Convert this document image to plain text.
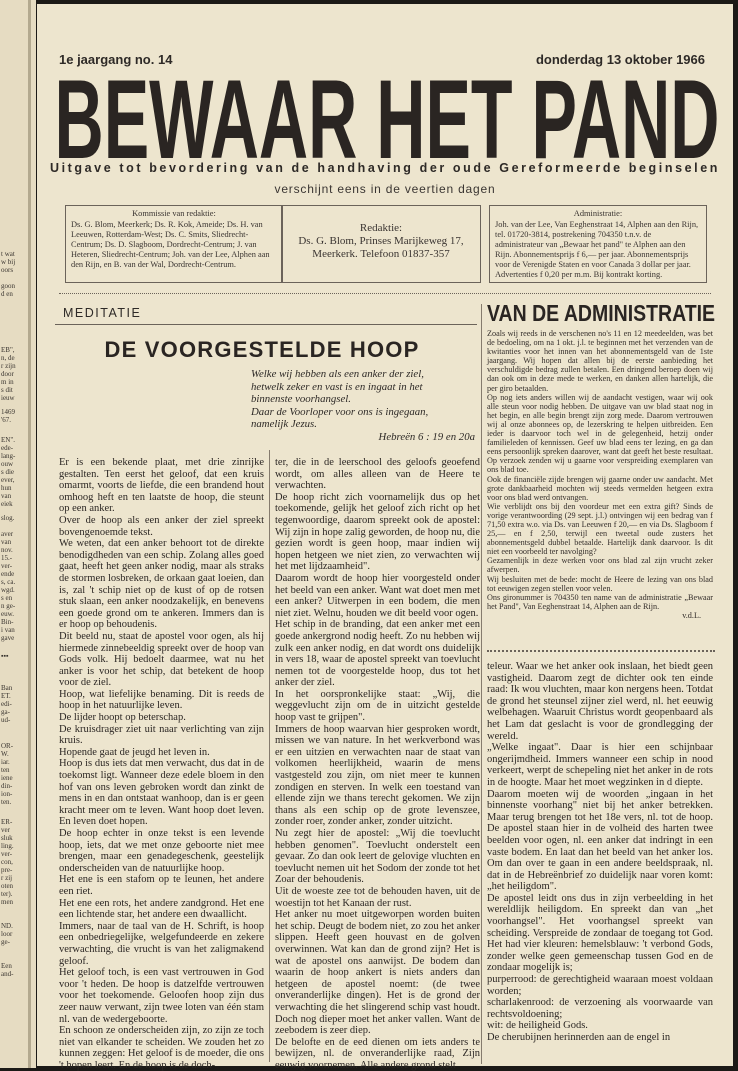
t wat
w bij
oors
goon
d en
EB",
n, de
r zijn
door
m in
s dit
ieuw
1469
'67.
EN".
ede-
lang-
ouw
s die
ever,
hun
van
eiek
slog.
aver
van
nov.
15.-
ver-
ende
s, ca.
wgd.
s en
n ge-
euw.
Bin-
i van
gave
▪▪▪
Ban
ET.
edi-
ga-
ud-
OR-
W.
iar.
ten
iene
din-
ion-
ten.
ER-
ver
sluk
ling.
ver-
con,
pre-
r zij
oten
ter).
men
ND.
loor
ge-
Een
and-
1e jaargang no. 14	donderdag 13 oktober 1966
BEWAAR HET PAND
Uitgave tot bevordering van de handhaving der oude Gereformeerde beginselen
verschijnt eens in de veertien dagen
Kommissie van redaktie:
Ds. G. Blom, Meerkerk; Ds. R. Kok, Ameide; Ds. H. van Leeuwen, Rotterdam-West; Ds. C. Smits, Sliedrecht-Centrum; Ds. D. Slagboom, Dordrecht-Centrum; J. van Heteren, Sliedrecht-Centrum; Joh. van der Lee, Alphen aan den Rijn, en B. van der Wal, Dordrecht-Centrum.
Redaktie:
Ds. G. Blom, Prinses Marijkeweg 17,
Meerkerk. Telefoon 01837-357
Administratie:
Joh. van der Lee, Van Eeghenstraat 14, Alphen aan den Rijn, tel. 01720-3814, postrekening 704350 t.n.v. de administrateur van „Bewaar het pand" te Alphen aan den Rijn. Abonnementsprijs f 6,— per jaar. Abonnementsprijs voor de Verenigde Staten en voor Canada 3 dollar per jaar. Advertenties f 0,20 per m.m. Bij kontrakt korting.
MEDITATIE
DE VOORGESTELDE HOOP
Welke wij hebben als een anker der ziel,
hetwelk zeker en vast is en ingaat in het
binnenste voorhangsel.
Daar de Voorloper voor ons is ingegaan,
namelijk Jezus.
Hebreën 6 : 19 en 20a

Er is een bekende plaat, met drie zinrijke gestalten. Ten eerst het geloof, dat een kruis omarmt, voorts de liefde, die een brandend hout omhoog heft en ten laatste de hoop, die steunt op een anker.

Over de hoop als een anker der ziel spreekt bovengenoemde tekst.

We weten, dat een anker behoort tot de direkte benodigdheden van een schip. Zolang alles goed gaat, heeft het geen anker nodig, maar als straks de stormen losbreken, de orkaan gaat loeien, dan is, zal 't schip niet op de kust of op de rotsen stuk slaan, een anker noodzakelijk, en benevens een goede grond om te ankeren. Immers dan is er hoop op behoudenis.

Dit beeld nu, staat de apostel voor ogen, als hij hiermede zinnebeeldig spreekt over de hoop van Gods volk. Hij bedoelt daarmee, wat nu het anker is voor het schip, dat betekent de hoop voor de ziel.

Hoop, wat liefelijke benaming. Dit is reeds de hoop in het natuurlijke leven.

De lijder hoopt op beterschap.

De kruisdrager ziet uit naar verlichting van zijn kruis.

Hopende gaat de jeugd het leven in.

Hoop is dus iets dat men verwacht, dus dat in de toekomst ligt. Wanneer deze edele bloem in den hof van ons leven gebroken wordt dan zinkt de mens in en dan ontstaat wanhoop, dan is er geen kracht meer om te leven. Want hoop doet leven. En leven doet hopen.

De hoop echter in onze tekst is een levende hoop, iets, dat we met onze geboorte niet mee brengen, maar een genadegeschenk, geestelijk onderscheiden van de natuurlijke hoop.

Het ene is een stafom op te leunen, het andere een riet.

Het ene een rots, het andere zandgrond. Het ene een lichtende star, het andere een dwaallicht.

Immers, naar de taal van de H. Schrift, is hoop een onbedriegelijke, welgefundeerde en zekere verwachting, die vrucht is van het zaligmakend geloof.

Het geloof toch, is een vast vertrouwen in God voor 't heden. De hoop is datzelfde vertrouwen voor het toekomende. Geloofen hoop zijn dus zeer nauw verwant, zijn twee loten van één stam nl. van de wedergeboorte.

En schoon ze onderscheiden zijn, zo zijn ze toch niet van elkander te scheiden. We zouden het zo kunnen zeggen: Het geloof is de moeder, die ons 't hopen leert. En de hoop is de doch-

ter, die in de leerschool des geloofs geoefend wordt, om alles alleen van de Heere te verwachten.

De hoop richt zich voornamelijk dus op het toekomende, gelijk het geloof zich richt op het tegenwoordige, daarom spreekt ook de apostel: Wij zijn in hope zalig geworden, de hoop nu, die gezien wordt is geen hoop, maar indien wij hopen hetgeen we niet zien, zo verwachten wij het met lijdzaamheid".

Daarom wordt de hoop hier voorgesteld onder het beeld van een anker. Want wat doet men met een anker? Uitwerpen in een bodem, die men niet ziet. Welnu, houden we dit beeld voor ogen.

Het schip in de branding, dat een anker met een goede ankergrond nodig heeft. Zo nu hebben wij zulk een anker nodig, en dat wordt ons duidelijk in vers 18, waar de apostel spreekt van toevlucht nemen tot de voorgestelde hoop, dus tot het anker der ziel.

In het oorspronkelijke staat: „Wij, die weggevlucht zijn om de in uitzicht gestelde hoop vast te grijpen".

Immers de hoop waarvan hier gesproken wordt, missen we van nature. In het werkverbond was er een uitzien en verwachten naar de staat van volkomen heerlijkheid, waarin de mens vastgesteld zou zijn, om niet meer te kunnen zondigen en sterven. In welk een toestand van ellende zijn we thans terecht gekomen. We zijn thans als een schip op de grote levenszee, zonder roer, zonder anker, zonder uitzicht.

Nu zegt hier de apostel: „Wij die toevlucht hebben genomen". Toevlucht onderstelt een gevaar. Zo dan ook leert de gelovige vluchten en toevlucht nemen uit het Sodom der zonde tot het Zoar der behoudenis.

Uit de woeste zee tot de behouden haven, uit de woestijn tot het Kanaan der rust.

Het anker nu moet uitgeworpen worden buiten het schip. Deugt de bodem niet, zo zou het anker slippen. Heeft geen houvast en de golven overwinnen. Wat kan dan de grond zijn? Het is wat de apostel ons aanwijst. De bodem dan waarin de hoop ankert is niets anders dan hetgeen de apostel noemt: (de twee onveranderlijke dingen). Het is de grond der verwachting die het slingerend schip vast houdt. Doch nog dieper moet het anker vallen. Want de zeebodem is zeer diep.

De belofte en de eed dienen om iets anders te bewijzen, nl. de onveranderlijke raad, Zijn eeuwig voornemen. Alle andere grond stelt

VAN DE ADMINISTRATIE

Zoals wij reeds in de verschenen no's 11 en 12 meedeelden, was bet de bedoeling, om na 1 okt. j.l. te beginnen met het verzenden van de kwitanties voor het innen van het abonnementsgeld van de 1ste jaargang. Wij hopen dat allen bij de eerste aanbieding het verschuldigde bedrag zullen betalen. Een dringend beroep doen wij dan ook om in deze mede te werken, en danken allen hartelijk, die per giro betaalden.

Op nog iets anders willen wij de aandacht vestigen, waar wij ook alle steun voor nodig hebben. De uitgave van uw blad staat nog in het begin, en alle begin brengt zijn zorg mede. Daarom vertrouwen wij al onze abonnees op, de lezerskring te helpen uitbreiden. Een ieder is daarvoor toch wel in de gelegenheid, hetzij onder familieleden of kennissen. Geef uw blad eens ter lezing, en ga dan eens persoonlijk spreken daarover, want dat geeft het beste resultaat. Op verzoek zenden wij u gaarne voor verspreiding exemplaren van ons blad toe.

Ook de financiële zijde brengen wij gaarne onder uw aandacht. Met grote dankbaarheid mochten wij steeds vermelden hetgeen extra voor ons blad werd ontvangen.

Wie verblijdt ons bij den voordeur met een extra gift? Sinds de vorige verantwoording (29 sept. j.l.) ontvingen wij een bedrag van f 71,50 extra w.o. via Ds. van Leeuwen f 20,— en via Ds. Slagboom f 25,— en f 2,50, terwijl een tweetal oude zusters het abonnementsgeld dubbel betaalde. Hartelijk dank daarvoor. Is dit niet een voorbeeld ter navolging?

Gezamenlijk in deze werken voor ons blad zal zijn vrucht zeker afwerpen.

Wij besluiten met de bede: mocht de Heere de lezing van ons blad tot eeuwigen zegen stellen voor velen.

Ons gironummer is 704350 ten name van de administratie „Bewaar het Pand", Van Eeghenstraat 14, Alphen aan de Rijn.

v.d.L.

teleur. Waar we het anker ook inslaan, het biedt geen vastigheid. Daarom zegt de dichter ook ten einde raad: Ik wou vluchten, maar kon nergens heen. Totdat de grond het steunsel zijner ziel werd, nl. het eeuwig welbehagen. Waaruit Christus wordt geopenbaard als het Lam dat geslacht is voor de grondlegging der wereld.

„Welke ingaat". Daar is hier een schijnbaar ongerijmdheid. Immers wanneer een schip in nood verkeert, werpt de schepeling niet het anker in de rots in de hoogte. Maar het moet wegzinken in d diepte.

Daarom moeten wij de woorden „ingaan in het binnenste voorhang" niet bij het anker betrekken. Maar terug brengen tot het 18e vers, nl. tot de hoop. De apostel staan hier in de volheid des harten twee beelden voor ogen, nl. een anker dat indringt in een vaste bodem. En laat dan het beeld van het anker los. Om dan over te gaan in een andere beeldspraak, nl. dat in de Hebreënbrief zo duidelijk naar voren komt: „het heiligdom".

De apostel leidt ons dus in zijn verbeelding in het wereldlijk heiligdom. En spreekt dan van „het voorhangsel". Het voorhangsel spreekt van scheiding. Verspreide de zondaar de toegang tot God. Het had vier kleuren: hemelsblauw: 't verbond Gods, zonder welke geen gemeenschap tussen God en de zondaar mogelijk is;

purperrood: de gerechtigheid waaraan moest voldaan worden;

scharlakenrood: de verzoening als voorwaarde van rechtsvoldoening;

wit: de heiligheid Gods.

De cherubijnen herinnerden aan de engel in
